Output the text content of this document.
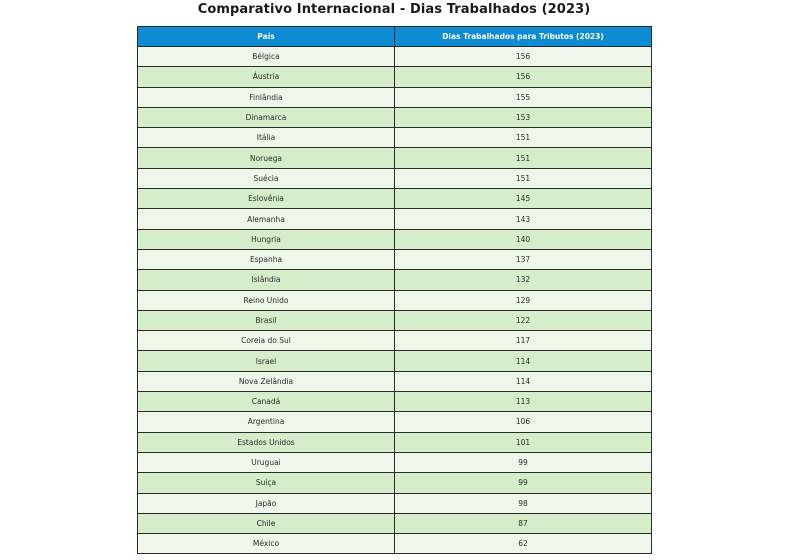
Comparativo Internacional - Dias Trabalhados (2023)
País	Dias Trabalhados para Tributos (2023)
Bélgica	156
Áustria	156
Finlândia	155
Dinamarca	153
Itália	151
Noruega	151
Suécia	151
Eslovênia	145
Alemanha	143
Hungria	140
Espanha	137
Islândia	132
Reino Unido	129
Brasil	122
Coreia do Sul	117
Israel	114
Nova Zelândia	114
Canadá	113
Argentina	106
Estados Unidos	101
Uruguai	99
Suíça	99
Japão	98
Chile	87
México	62
